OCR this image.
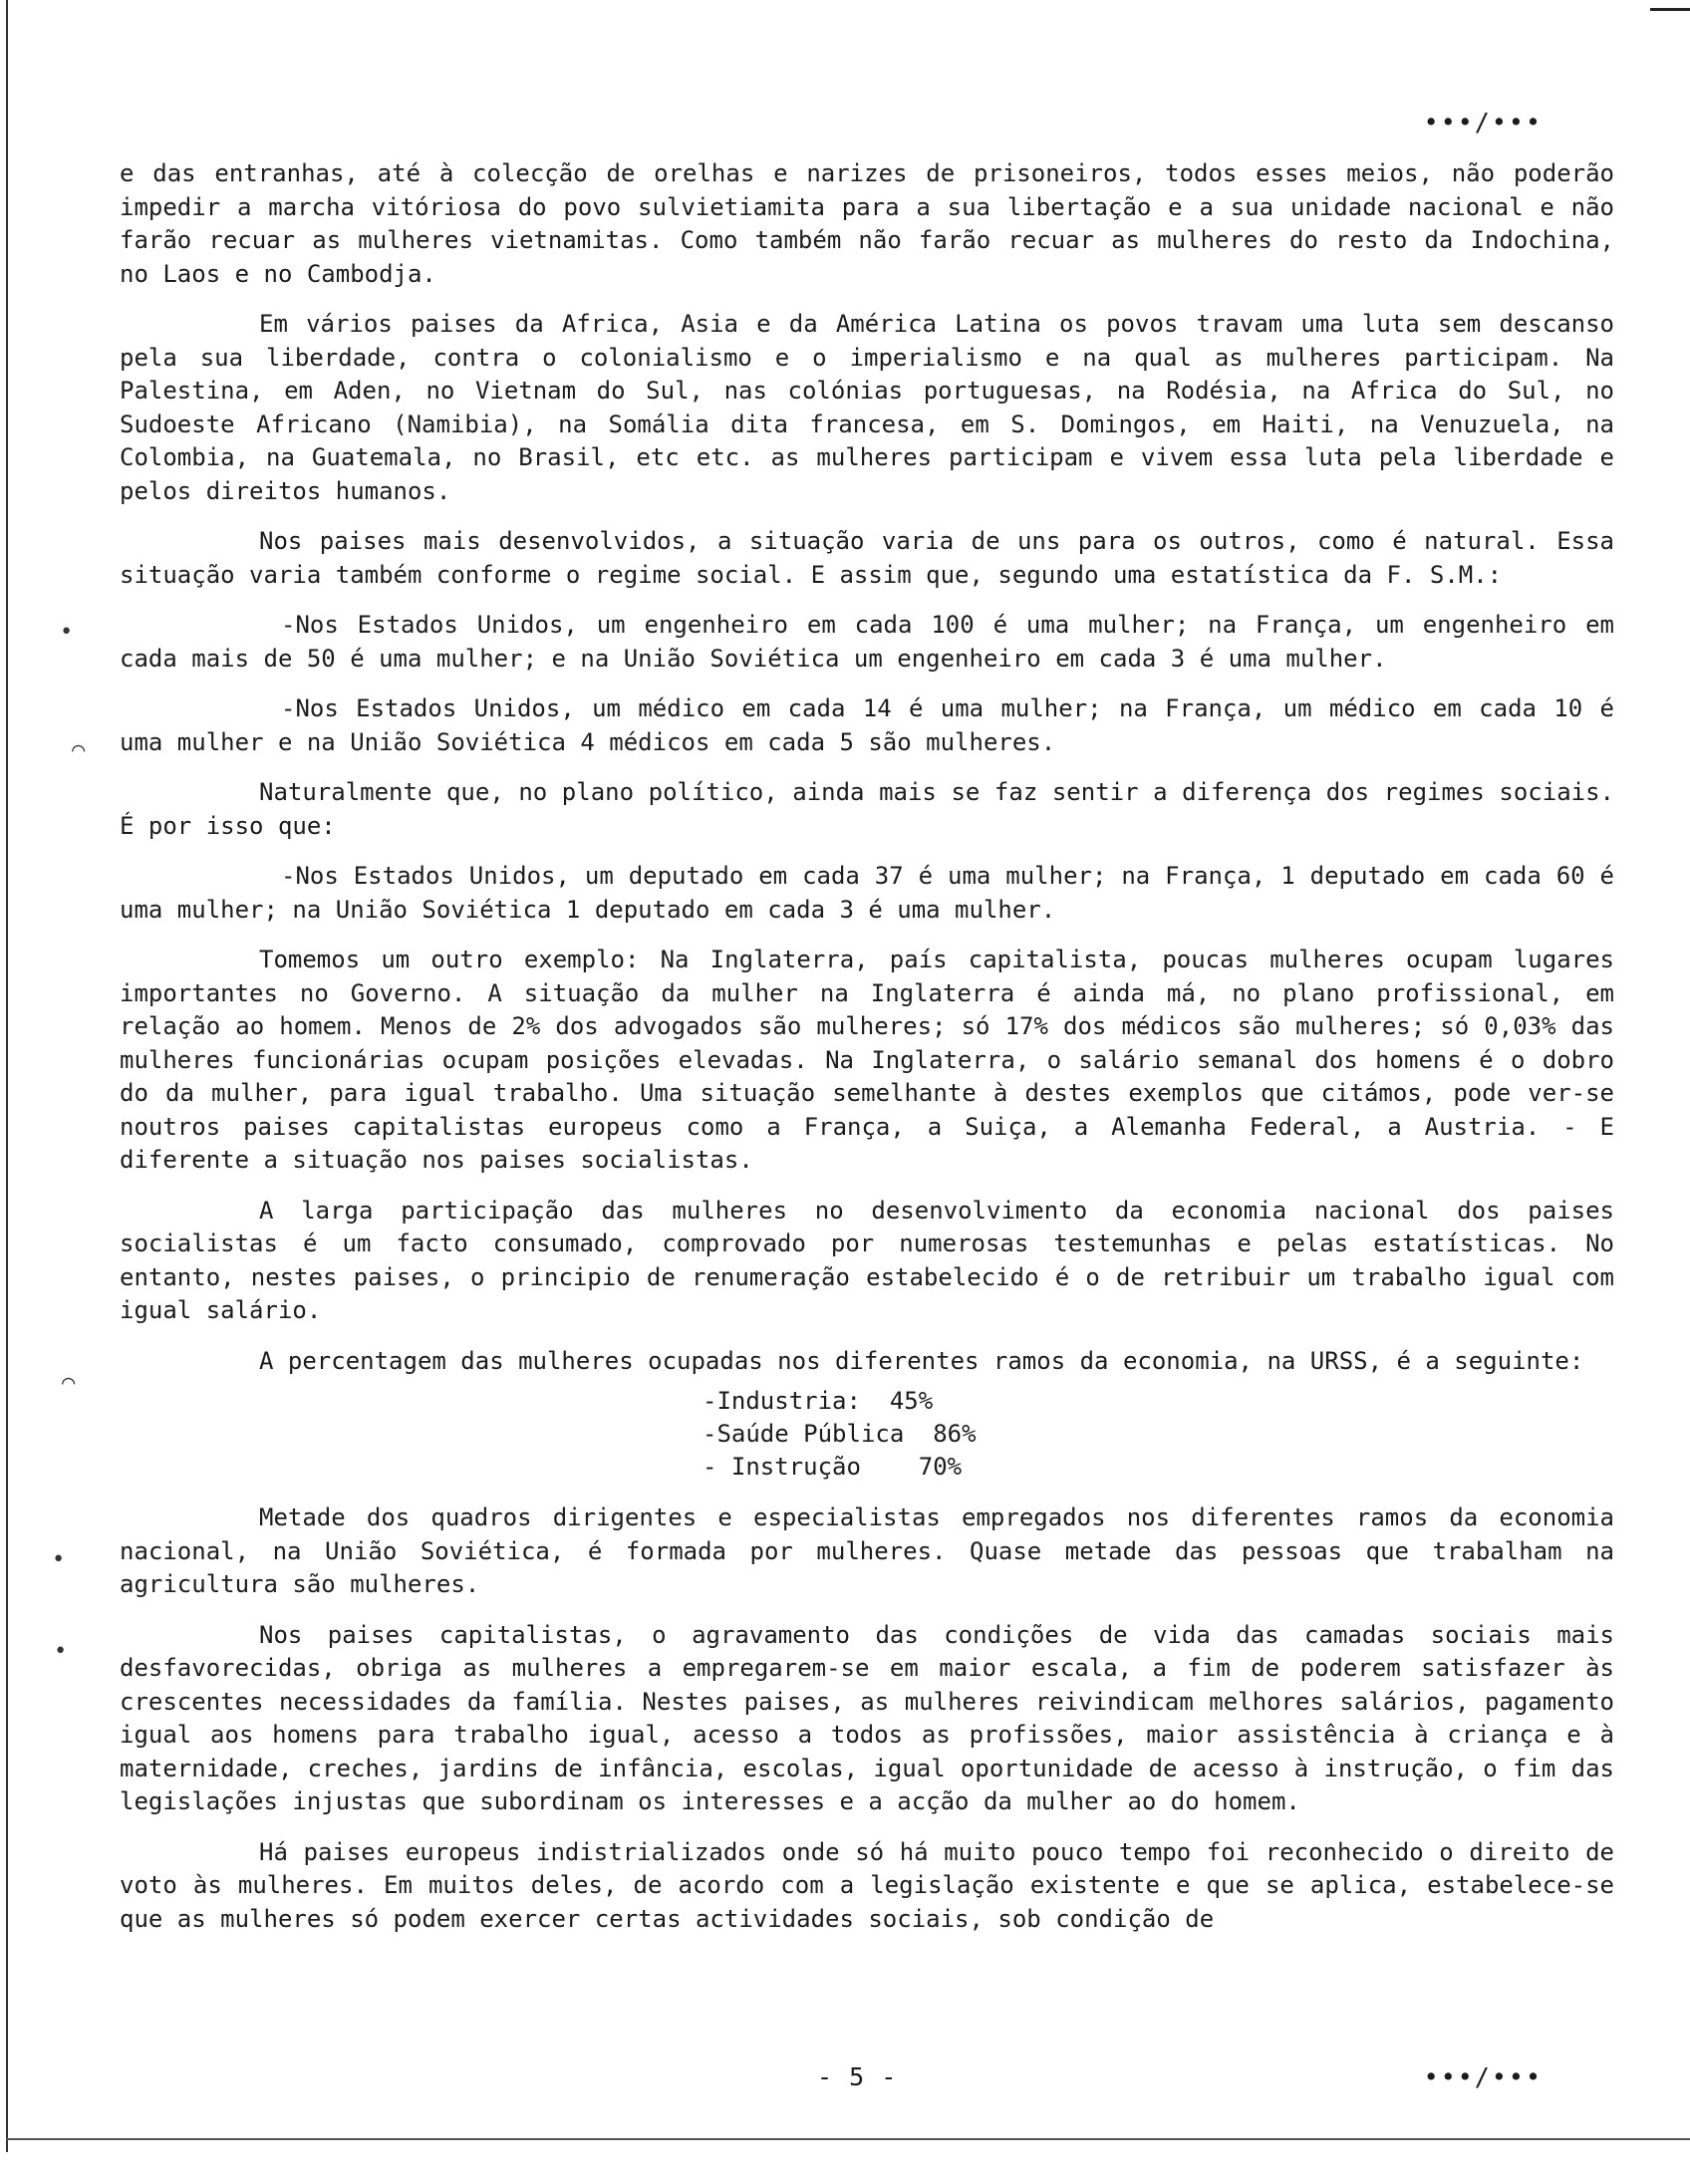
•
⌒
⌒
•
•
•••/•••

e das entranhas, até à colecção de orelhas e narizes de prisoneiros, todos esses meios, não poderão impedir a marcha vitóriosa do povo sulvietiamita para a sua libertação e a sua unidade nacional e não farão recuar as mulheres vietnamitas. Como também não farão recuar as mulheres do resto da Indochina, no Laos e no Cambodja.

Em vários paises da Africa, Asia e da América Latina os povos travam uma luta sem descanso pela sua liberdade, contra o colonialismo e o imperialismo e na qual as mulheres participam. Na Palestina, em Aden, no Vietnam do Sul, nas colónias portuguesas, na Rodésia, na Africa do Sul, no Sudoeste Africano (Namibia), na Somália dita francesa, em S. Domingos, em Haiti, na Venuzuela, na Colombia, na Guatemala, no Brasil, etc etc. as mulheres participam e vivem essa luta pela liberdade e pelos direitos humanos.

Nos paises mais desenvolvidos, a situação varia de uns para os outros, como é natural. Essa situação varia também conforme o regime social. E assim que, segundo uma estatística da F. S.M.:

-Nos Estados Unidos, um engenheiro em cada 100 é uma mulher; na França, um engenheiro em cada mais de 50 é uma mulher; e na União Soviética um engenheiro em cada 3 é uma mulher.

-Nos Estados Unidos, um médico em cada 14 é uma mulher; na França, um médico em cada 10 é uma mulher e na União Soviética 4 médicos em cada 5 são mulheres.

Naturalmente que, no plano político, ainda mais se faz sentir a diferença dos regimes sociais. É por isso que:

-Nos Estados Unidos, um deputado em cada 37 é uma mulher; na França, 1 deputado em cada 60 é uma mulher; na União Soviética 1 deputado em cada 3 é uma mulher.

Tomemos um outro exemplo: Na Inglaterra, país capitalista, poucas mulheres ocupam lugares importantes no Governo. A situação da mulher na Inglaterra é ainda má, no plano profissional, em relação ao homem. Menos de 2% dos advogados são mulheres; só 17% dos médicos são mulheres; só 0,03% das mulheres funcionárias ocupam posições elevadas. Na Inglaterra, o salário semanal dos homens é o dobro do da mulher, para igual trabalho. Uma situação semelhante à destes exemplos que citámos, pode ver-se noutros paises capitalistas europeus como a França, a Suiça, a Alemanha Federal, a Austria. - E diferente a situação nos paises socialistas.

A larga participação das mulheres no desenvolvimento da economia nacional dos paises socialistas é um facto consumado, comprovado por numerosas testemunhas e pelas estatísticas. No entanto, nestes paises, o principio de renumeração estabelecido é o de retribuir um trabalho igual com igual salário.

A percentagem das mulheres ocupadas nos diferentes ramos da economia, na URSS, é a seguinte:

-Industria:  45%
-Saúde Pública  86%
- Instrução    70%

Metade dos quadros dirigentes e especialistas empregados nos diferentes ramos da economia nacional, na União Soviética, é formada por mulheres. Quase metade das pessoas que trabalham na agricultura são mulheres.

Nos paises capitalistas, o agravamento das condições de vida das camadas sociais mais desfavorecidas, obriga as mulheres a empregarem-se em maior escala, a fim de poderem satisfazer às crescentes necessidades da família. Nestes paises, as mulheres reivindicam melhores salários, pagamento igual aos homens para trabalho igual, acesso a todos as profissões, maior assistência à criança e à maternidade, creches, jardins de infância, escolas, igual oportunidade de acesso à instrução, o fim das legislações injustas que subordinam os interesses e a acção da mulher ao do homem.

Há paises europeus indistrializados onde só há muito pouco tempo foi reconhecido o direito de voto às mulheres. Em muitos deles, de acordo com a legislação existente e que se aplica, estabelece-se que as mulheres só podem exercer certas actividades sociais, sob condição de

- 5 -	•••/•••
